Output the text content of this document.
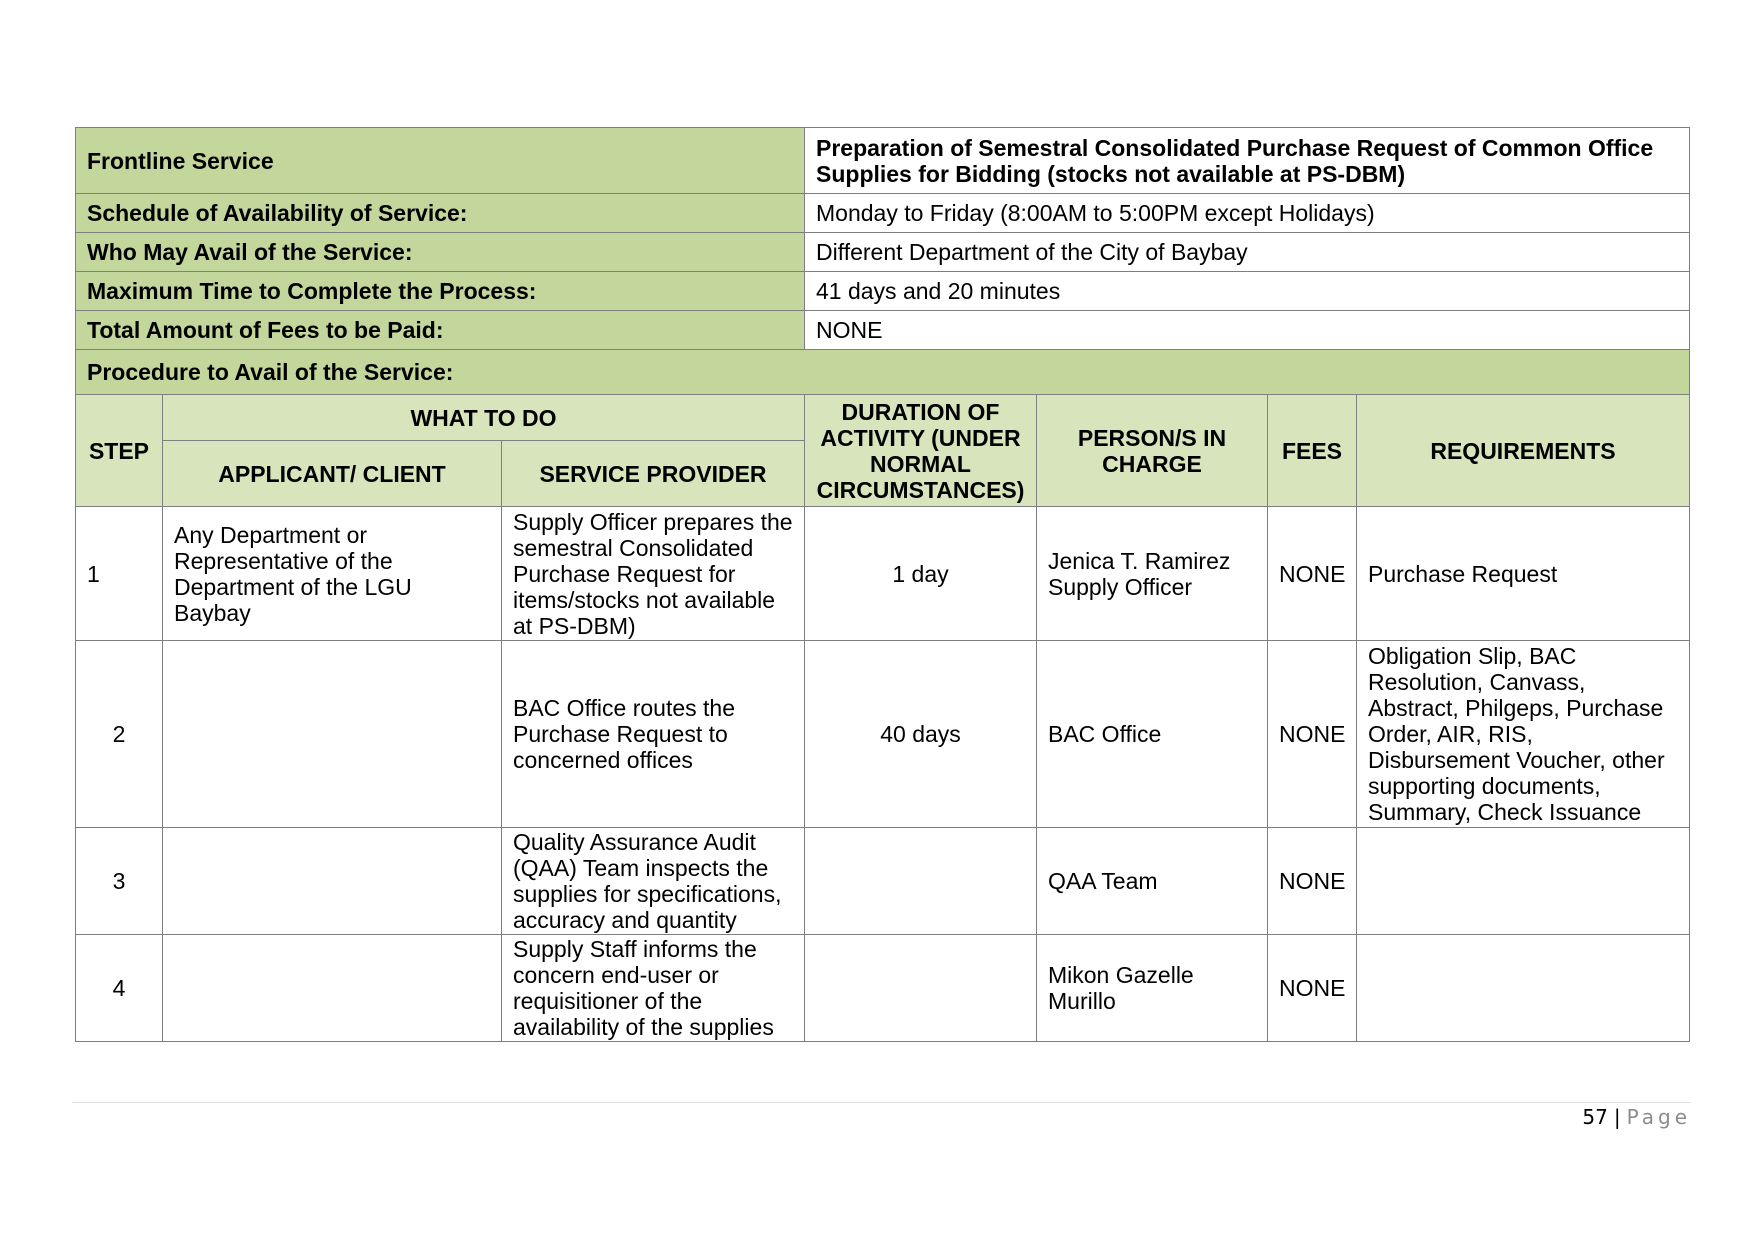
Frontline Service			Preparation of Semestral Consolidated Purchase Request of Common Office Supplies for Bidding (stocks not available at PS-DBM)			
Schedule of Availability of Service:			Monday to Friday (8:00AM to 5:00PM except Holidays)			
Who May Avail of the Service:			Different Department of the City of Baybay			
Maximum Time to Complete the Process:			41 days and 20 minutes			
Total Amount of Fees to be Paid:			NONE			
Procedure to Avail of the Service:						
STEP	WHAT TO DO		DURATION OF ACTIVITY (UNDER NORMAL CIRCUMSTANCES)	PERSON/S IN CHARGE	FEES	REQUIREMENTS
	APPLICANT/ CLIENT	SERVICE PROVIDER				
1	Any Department or Representative of the Department of the LGU Baybay	Supply Officer prepares the semestral Consolidated Purchase Request for items/stocks not available at PS-DBM)	1 day	Jenica T. Ramirez Supply Officer	NONE	Purchase Request
2		BAC Office routes the Purchase Request to concerned offices	40 days	BAC Office	NONE	Obligation Slip, BAC Resolution, Canvass, Abstract, Philgeps, Purchase Order, AIR, RIS, Disbursement Voucher, other supporting documents, Summary, Check Issuance
3		Quality Assurance Audit (QAA) Team inspects the supplies for specifications, accuracy and quantity		QAA Team	NONE	
4		Supply Staff informs the concern end-user or requisitioner of the availability of the supplies		Mikon Gazelle Murillo	NONE	
57 | Page
